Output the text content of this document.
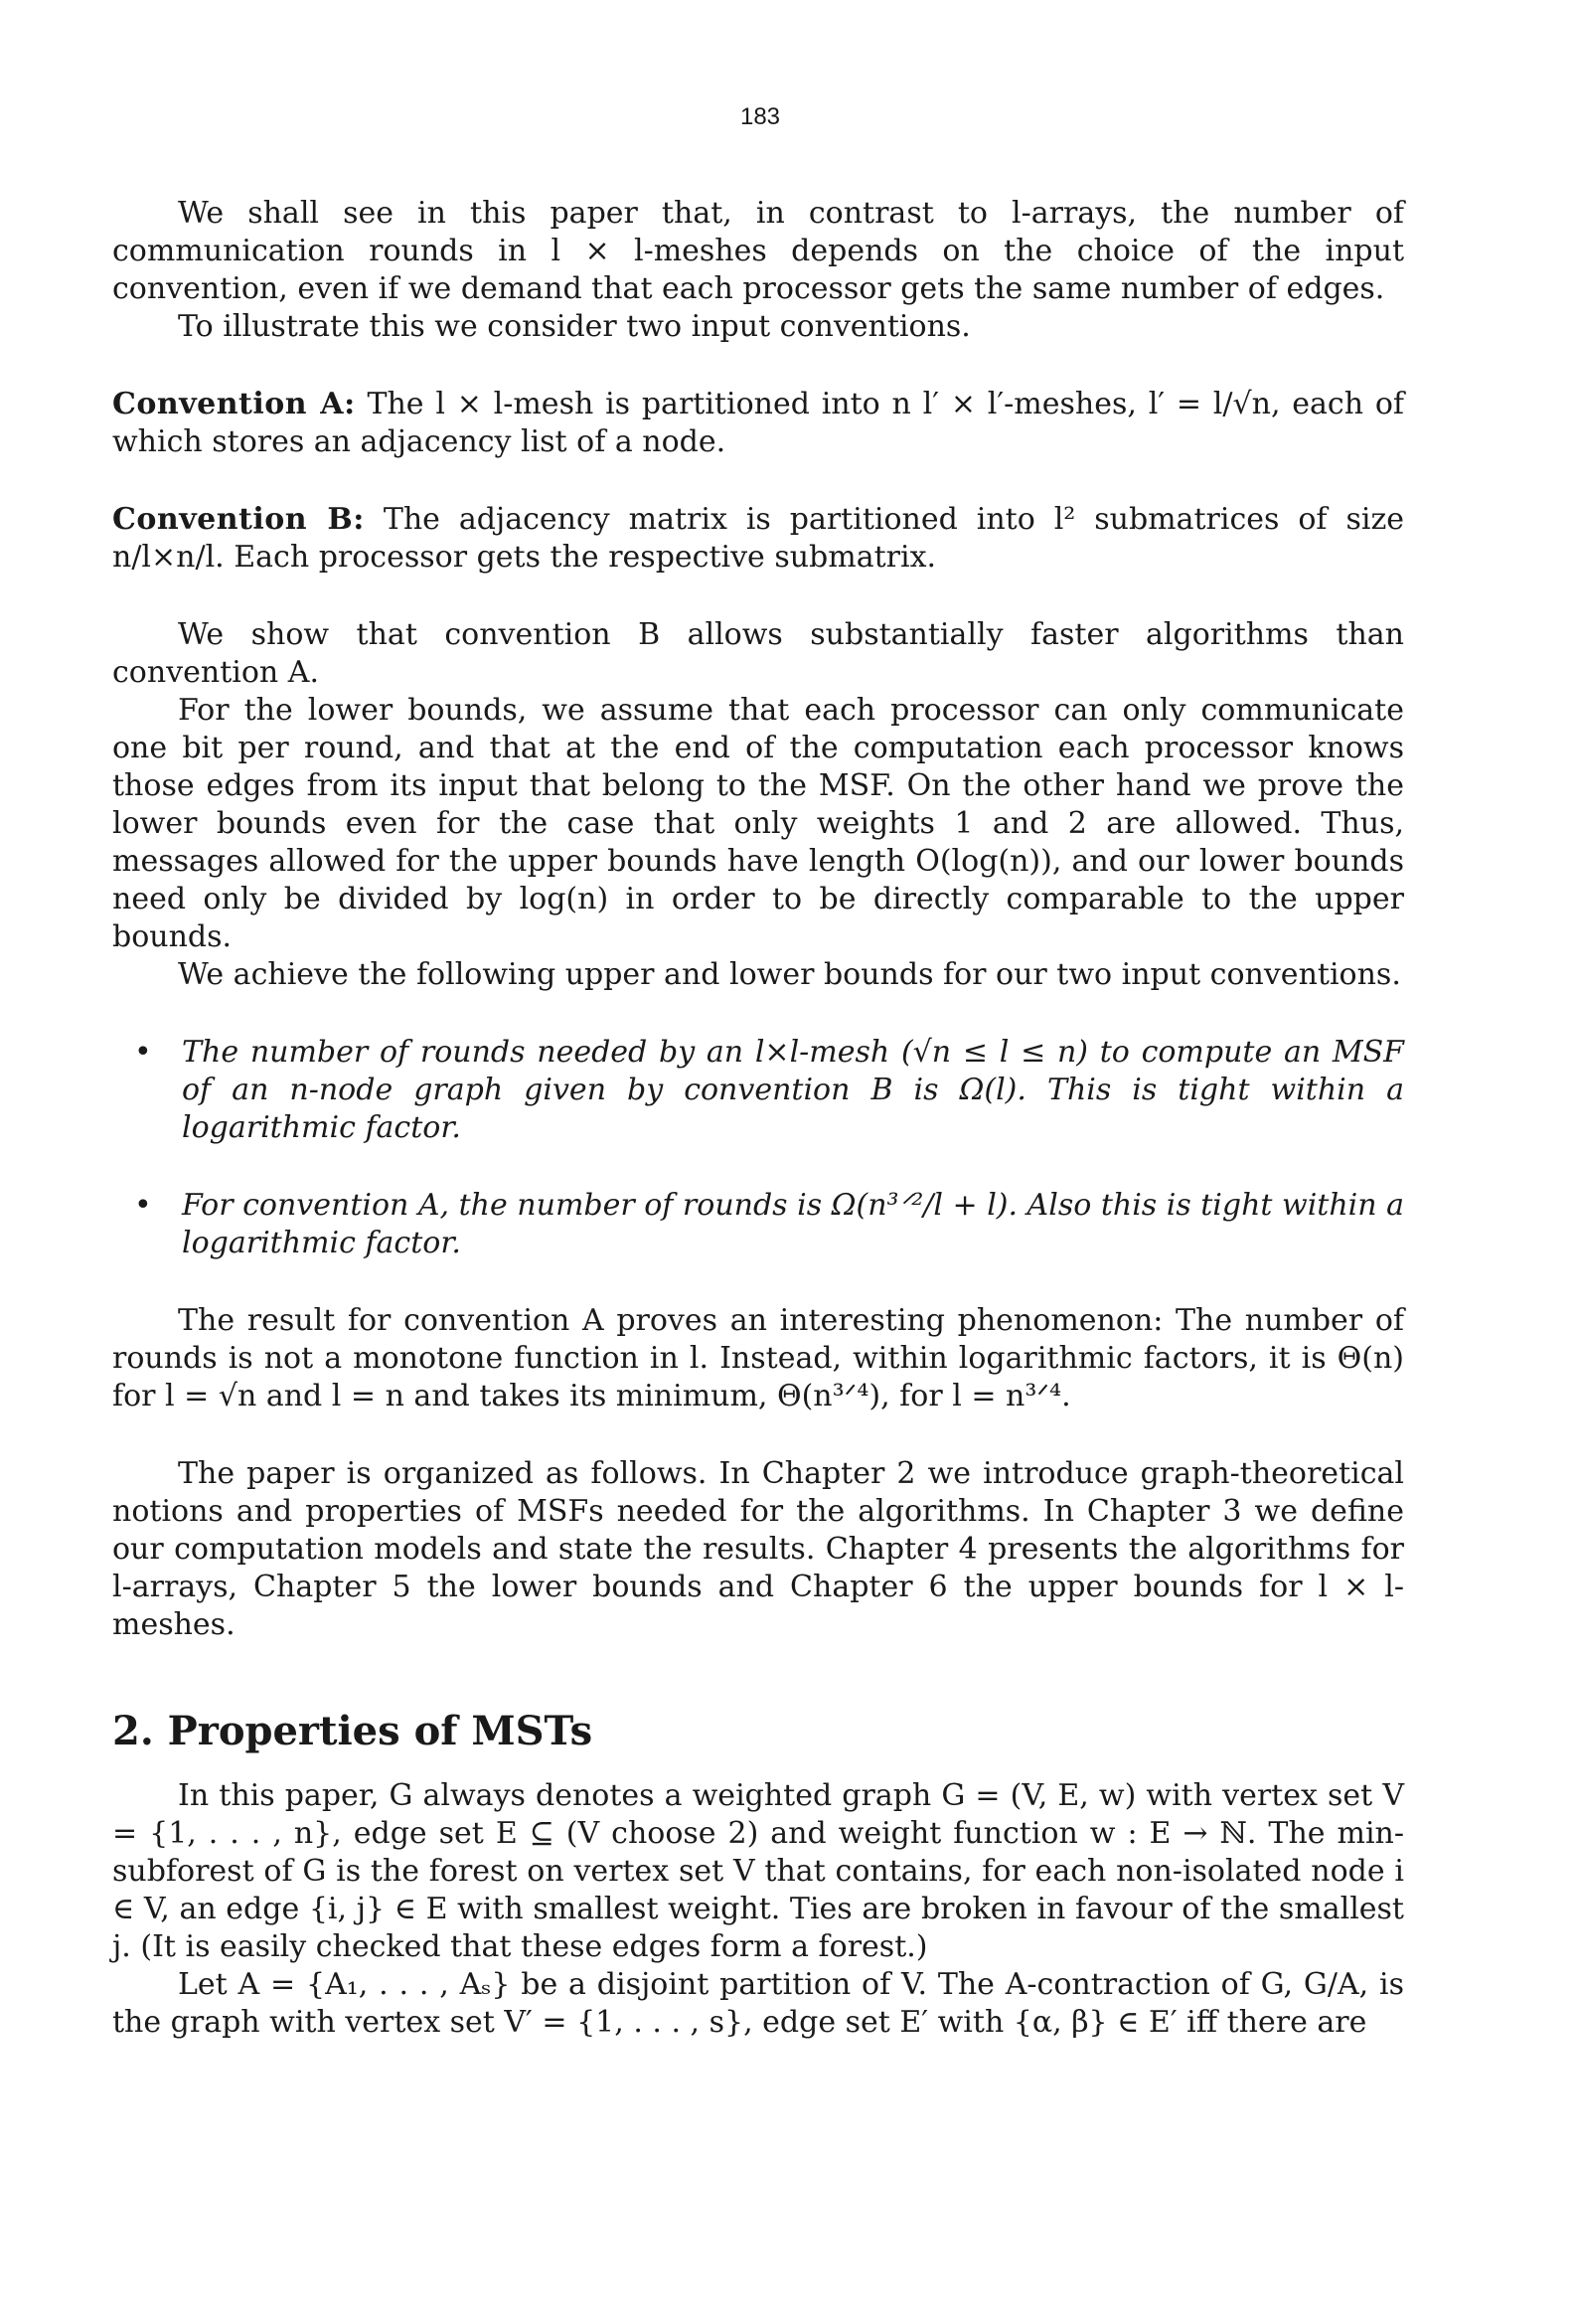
183

We shall see in this paper that, in contrast to l-arrays, the number of communication rounds in l × l-meshes depends on the choice of the input convention, even if we demand that each processor gets the same number of edges.

To illustrate this we consider two input conventions.

Convention A: The l × l-mesh is partitioned into n l′ × l′-meshes, l′ = l/√n, each of which stores an adjacency list of a node.

Convention B: The adjacency matrix is partitioned into l² submatrices of size n/l×n/l. Each processor gets the respective submatrix.

We show that convention B allows substantially faster algorithms than convention A.

For the lower bounds, we assume that each processor can only communicate one bit per round, and that at the end of the computation each processor knows those edges from its input that belong to the MSF. On the other hand we prove the lower bounds even for the case that only weights 1 and 2 are allowed. Thus, messages allowed for the upper bounds have length O(log(n)), and our lower bounds need only be divided by log(n) in order to be directly comparable to the upper bounds.

We achieve the following upper and lower bounds for our two input conventions.

• The number of rounds needed by an l×l-mesh (√n ≤ l ≤ n) to compute an MSF of an n-node graph given by convention B is Ω(l). This is tight within a logarithmic factor.
• For convention A, the number of rounds is Ω(n³ᐟ²/l + l). Also this is tight within a logarithmic factor.

The result for convention A proves an interesting phenomenon: The number of rounds is not a monotone function in l. Instead, within logarithmic factors, it is Θ(n) for l = √n and l = n and takes its minimum, Θ(n³ᐟ⁴), for l = n³ᐟ⁴.

The paper is organized as follows. In Chapter 2 we introduce graph-theoretical notions and properties of MSFs needed for the algorithms. In Chapter 3 we define our computation models and state the results. Chapter 4 presents the algorithms for l-arrays, Chapter 5 the lower bounds and Chapter 6 the upper bounds for l × l-meshes.

2. Properties of MSTs

In this paper, G always denotes a weighted graph G = (V, E, w) with vertex set V = {1, . . . , n}, edge set E ⊆ (V choose 2) and weight function w : E → ℕ. The min-subforest of G is the forest on vertex set V that contains, for each non-isolated node i ∈ V, an edge {i, j} ∈ E with smallest weight. Ties are broken in favour of the smallest j. (It is easily checked that these edges form a forest.)

Let A = {A₁, . . . , Aₛ} be a disjoint partition of V. The A-contraction of G, G/A, is the graph with vertex set V′ = {1, . . . , s}, edge set E′ with {α, β} ∈ E′ iff there are
